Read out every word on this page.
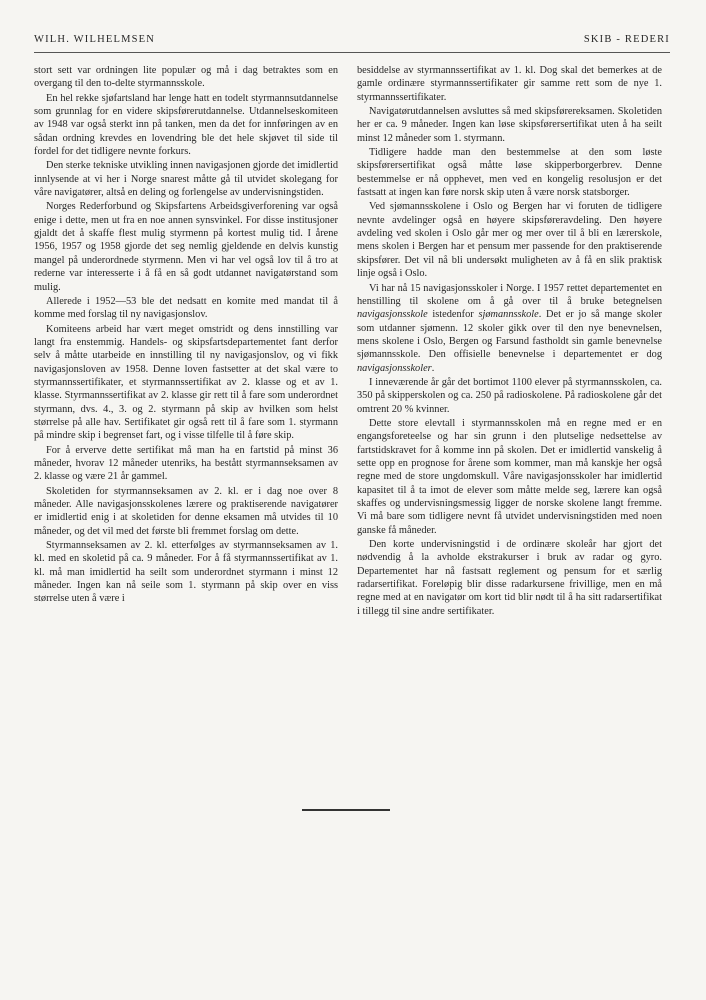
WILH. WILHELMSEN	SKIB - REDERI

stort sett var ordningen lite populær og må i dag betraktes som en overgang til den to-delte styrmannsskole.

En hel rekke sjøfartsland har lenge hatt en todelt styrmannsutdannelse som grunnlag for en videre skipsførerutdannelse. Utdannelseskomiteen av 1948 var også sterkt inn på tanken, men da det for innføringen av en sådan ordning krevdes en lovendring ble det hele skjøvet til side til fordel for det tidligere nevnte forkurs.

Den sterke tekniske utvikling innen navigasjonen gjorde det imidlertid innlysende at vi her i Norge snarest måtte gå til utvidet skolegang for våre navigatører, altså en deling og forlengelse av undervisningstiden.

Norges Rederforbund og Skipsfartens Arbeidsgiverforening var også enige i dette, men ut fra en noe annen synsvinkel. For disse institusjoner gjaldt det å skaffe flest mulig styrmenn på kortest mulig tid. I årene 1956, 1957 og 1958 gjorde det seg nemlig gjeldende en delvis kunstig mangel på underordnede styrmenn. Men vi har vel også lov til å tro at rederne var interesserte i å få en så godt utdannet navigatørstand som mulig.

Allerede i 1952—53 ble det nedsatt en komite med mandat til å komme med forslag til ny navigasjonslov.

Komiteens arbeid har vært meget omstridt og dens innstilling var langt fra enstemmig. Handels- og skipsfartsdepartementet fant derfor selv å måtte utarbeide en innstilling til ny navigasjonslov, og vi fikk navigasjonsloven av 1958. Denne loven fastsetter at det skal være to styrmannssertifikater, et styrmannssertifikat av 2. klasse og et av 1. klasse. Styrmannssertifikat av 2. klasse gir rett til å fare som underordnet styrmann, dvs. 4., 3. og 2. styrmann på skip av hvilken som helst størrelse på alle hav. Sertifikatet gir også rett til å fare som 1. styrmann på mindre skip i begrenset fart, og i visse tilfelle til å føre skip.

For å erverve dette sertifikat må man ha en fartstid på minst 36 måneder, hvorav 12 måneder utenriks, ha bestått styrmannseksamen av 2. klasse og være 21 år gammel.

Skoletiden for styrmannseksamen av 2. kl. er i dag noe over 8 måneder. Alle navigasjonsskolenes lærere og praktiserende navigatører er imidlertid enig i at skoletiden for denne eksamen må utvides til 10 måneder, og det vil med det første bli fremmet forslag om dette.

Styrmannseksamen av 2. kl. etterfølges av styrmannseksamen av 1. kl. med en skoletid på ca. 9 måneder. For å få styrmannssertifikat av 1. kl. må man imidlertid ha seilt som underordnet styrmann i minst 12 måneder. Ingen kan nå seile som 1. styrmann på skip over en viss størrelse uten å være i

besiddelse av styrmannssertifikat av 1. kl. Dog skal det bemerkes at de gamle ordinære styrmannssertifikater gir samme rett som de nye 1. styrmannssertifikater.

Navigatørutdannelsen avsluttes så med skipsførereksamen. Skoletiden her er ca. 9 måneder. Ingen kan løse skipsførersertifikat uten å ha seilt minst 12 måneder som 1. styrmann.

Tidligere hadde man den bestemmelse at den som løste skipsførersertifikat også måtte løse skipperborgerbrev. Denne bestemmelse er nå opphevet, men ved en kongelig resolusjon er det fastsatt at ingen kan føre norsk skip uten å være norsk statsborger.

Ved sjømannsskolene i Oslo og Bergen har vi foruten de tidligere nevnte avdelinger også en høyere skipsføreravdeling. Den høyere avdeling ved skolen i Oslo går mer og mer over til å bli en lærerskole, mens skolen i Bergen har et pensum mer passende for den praktiserende skipsfører. Det vil nå bli undersøkt muligheten av å få en slik praktisk linje også i Oslo.

Vi har nå 15 navigasjonsskoler i Norge. I 1957 rettet departementet en henstilling til skolene om å gå over til å bruke betegnelsen navigasjonsskole istedenfor sjømannsskole. Det er jo så mange skoler som utdanner sjømenn. 12 skoler gikk over til den nye benevnelsen, mens skolene i Oslo, Bergen og Farsund fastholdt sin gamle benevnelse sjømannsskole. Den offisielle benevnelse i departementet er dog navigasjonsskoler.

I inneværende år går det bortimot 1100 elever på styrmannsskolen, ca. 350 på skipperskolen og ca. 250 på radioskolene. På radioskolene går det omtrent 20 % kvinner.

Dette store elevtall i styrmannsskolen må en regne med er en engangsforeteelse og har sin grunn i den plutselige nedsettelse av fartstidskravet for å komme inn på skolen. Det er imidlertid vanskelig å sette opp en prognose for årene som kommer, man må kanskje her også regne med de store ungdomskull. Våre navigasjonsskoler har imidlertid kapasitet til å ta imot de elever som måtte melde seg, lærere kan også skaffes og undervisningsmessig ligger de norske skolene langt fremme. Vi må bare som tidligere nevnt få utvidet undervisningstiden med noen ganske få måneder.

Den korte undervisningstid i de ordinære skoleår har gjort det nødvendig å la avholde ekstrakurser i bruk av radar og gyro. Departementet har nå fastsatt reglement og pensum for et særlig radarsertifikat. Foreløpig blir disse radarkursene frivillige, men en må regne med at en navigatør om kort tid blir nødt til å ha sitt radarsertifikat i tillegg til sine andre sertifikater.
